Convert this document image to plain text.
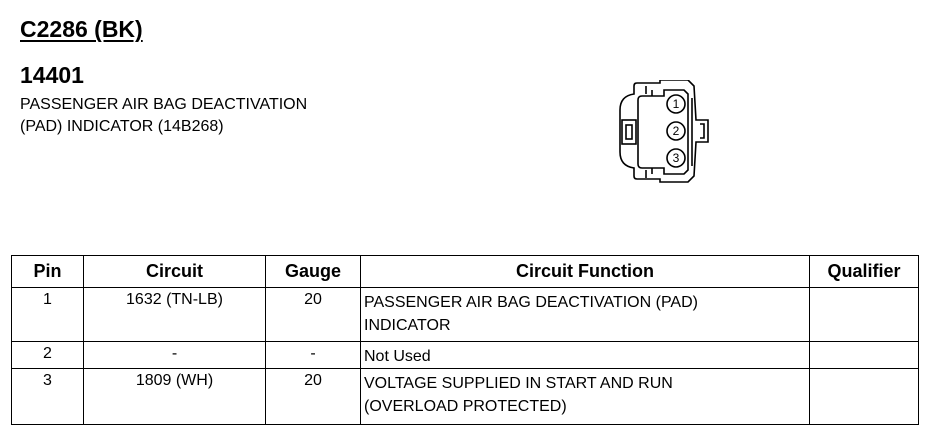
C2286 (BK)
14401
PASSENGER AIR BAG DEACTIVATION
(PAD) INDICATOR (14B268)
1
2
3
Pin	Circuit	Gauge	Circuit Function	Qualifier
1	1632 (TN-LB)	20	PASSENGER AIR BAG DEACTIVATION (PAD)
INDICATOR	

2	-	-	Not Used	

3	1809 (WH)	20	VOLTAGE SUPPLIED IN START AND RUN
(OVERLOAD PROTECTED)	
